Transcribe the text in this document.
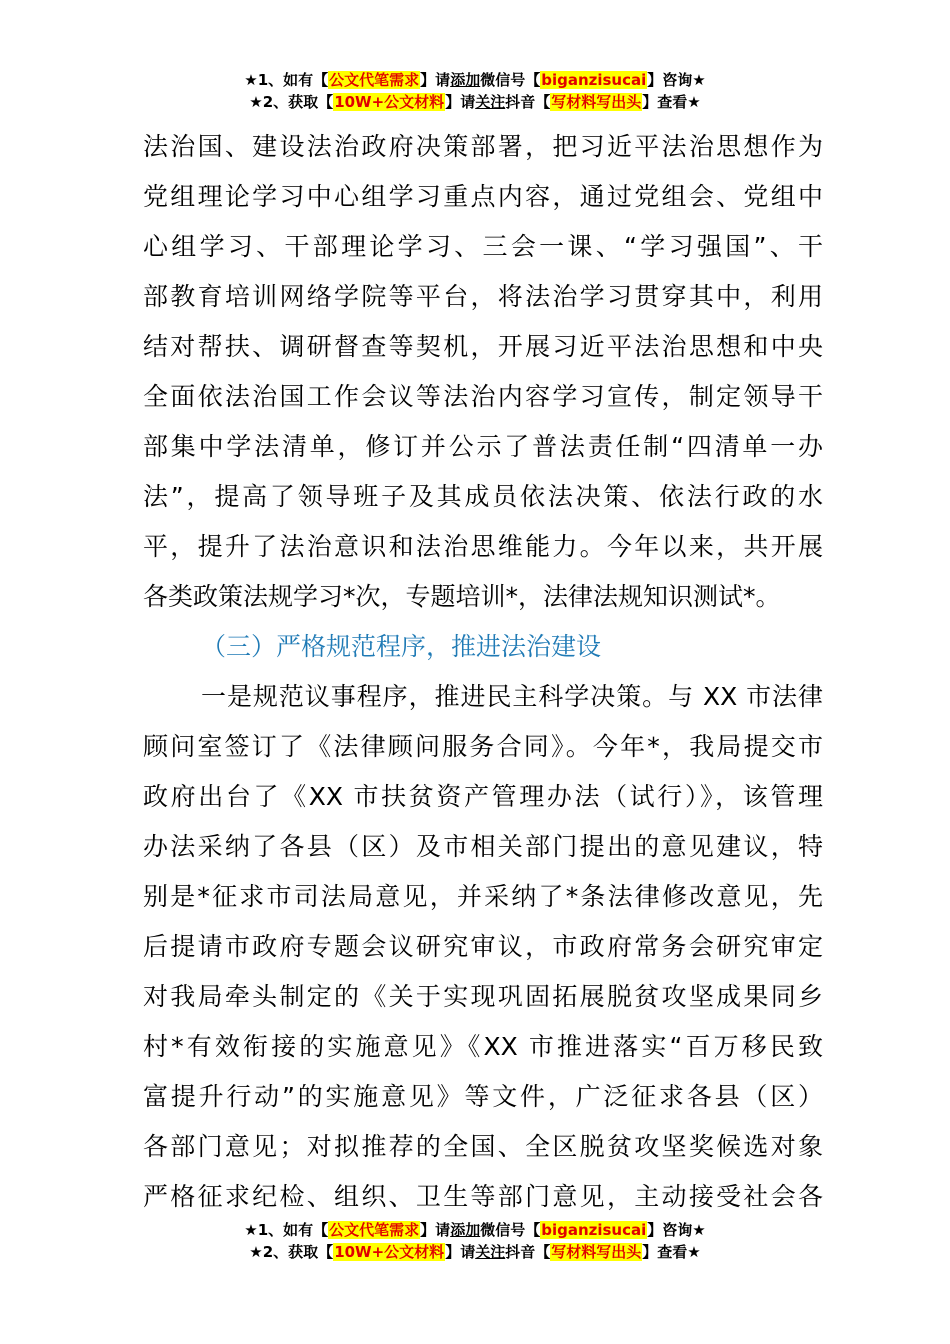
★1、如有【公文代笔需求】请添加微信号【biganzisucai】咨询★
★2、获取【10W+公文材料】请关注抖音【写材料写出头】查看★
法治国、建设法治政府决策部署，把习近平法治思想作为
党组理论学习中心组学习重点内容，通过党组会、党组中
心组学习、干部理论学习、三会一课、“学习强国”、干
部教育培训网络学院等平台，将法治学习贯穿其中，利用
结对帮扶、调研督查等契机，开展习近平法治思想和中央
全面依法治国工作会议等法治内容学习宣传，制定领导干
部集中学法清单，修订并公示了普法责任制“四清单一办
法”，提高了领导班子及其成员依法决策、依法行政的水
平，提升了法治意识和法治思维能力。今年以来，共开展
各类政策法规学习*次，专题培训*，法律法规知识测试*。
（三）严格规范程序，推进法治建设
一是规范议事程序，推进民主科学决策。与 XX 市法律
顾问室签订了《法律顾问服务合同》。今年*，我局提交市
政府出台了《XX 市扶贫资产管理办法（试行）》，该管理
办法采纳了各县（区）及市相关部门提出的意见建议，特
别是*征求市司法局意见，并采纳了*条法律修改意见，先
后提请市政府专题会议研究审议，市政府常务会研究审定
对我局牵头制定的《关于实现巩固拓展脱贫攻坚成果同乡
村*有效衔接的实施意见》《XX 市推进落实“百万移民致
富提升行动”的实施意见》等文件，广泛征求各县（区）
各部门意见；对拟推荐的全国、全区脱贫攻坚奖候选对象
严格征求纪检、组织、卫生等部门意见，主动接受社会各
★1、如有【公文代笔需求】请添加微信号【biganzisucai】咨询★
★2、获取【10W+公文材料】请关注抖音【写材料写出头】查看★
